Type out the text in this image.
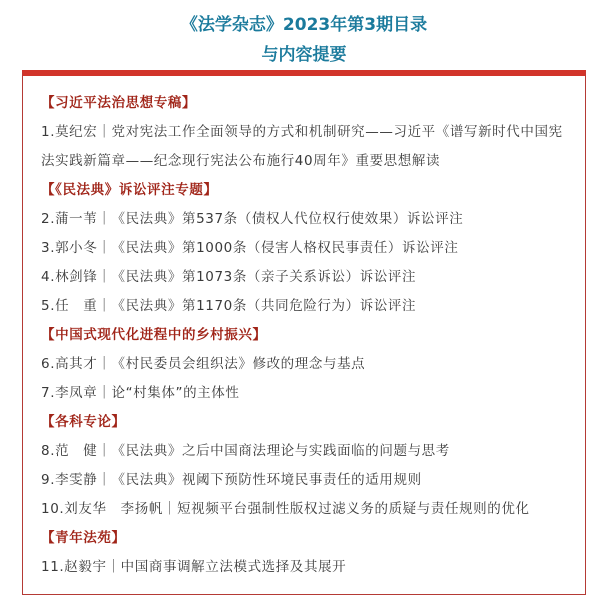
《法学杂志》2023年第3期目录
与内容提要

【习近平法治思想专稿】

1.莫纪宏｜党对宪法工作全面领导的方式和机制研究——习近平《谱写新时代中国宪法实践新篇章——纪念现行宪法公布施行40周年》重要思想解读

【《民法典》诉讼评注专题】

2.蒲一苇｜《民法典》第537条（债权人代位权行使效果）诉讼评注

3.郭小冬｜《民法典》第1000条（侵害人格权民事责任）诉讼评注

4.林剑锋｜《民法典》第1073条（亲子关系诉讼）诉讼评注

5.任　重｜《民法典》第1170条（共同危险行为）诉讼评注

【中国式现代化进程中的乡村振兴】

6.高其才｜《村民委员会组织法》修改的理念与基点

7.李凤章｜论“村集体”的主体性

【各科专论】

8.范　健｜《民法典》之后中国商法理论与实践面临的问题与思考

9.李雯静｜《民法典》视阈下预防性环境民事责任的适用规则

10.刘友华　李扬帆｜短视频平台强制性版权过滤义务的质疑与责任规则的优化

【青年法苑】

11.赵毅宇｜中国商事调解立法模式选择及其展开
